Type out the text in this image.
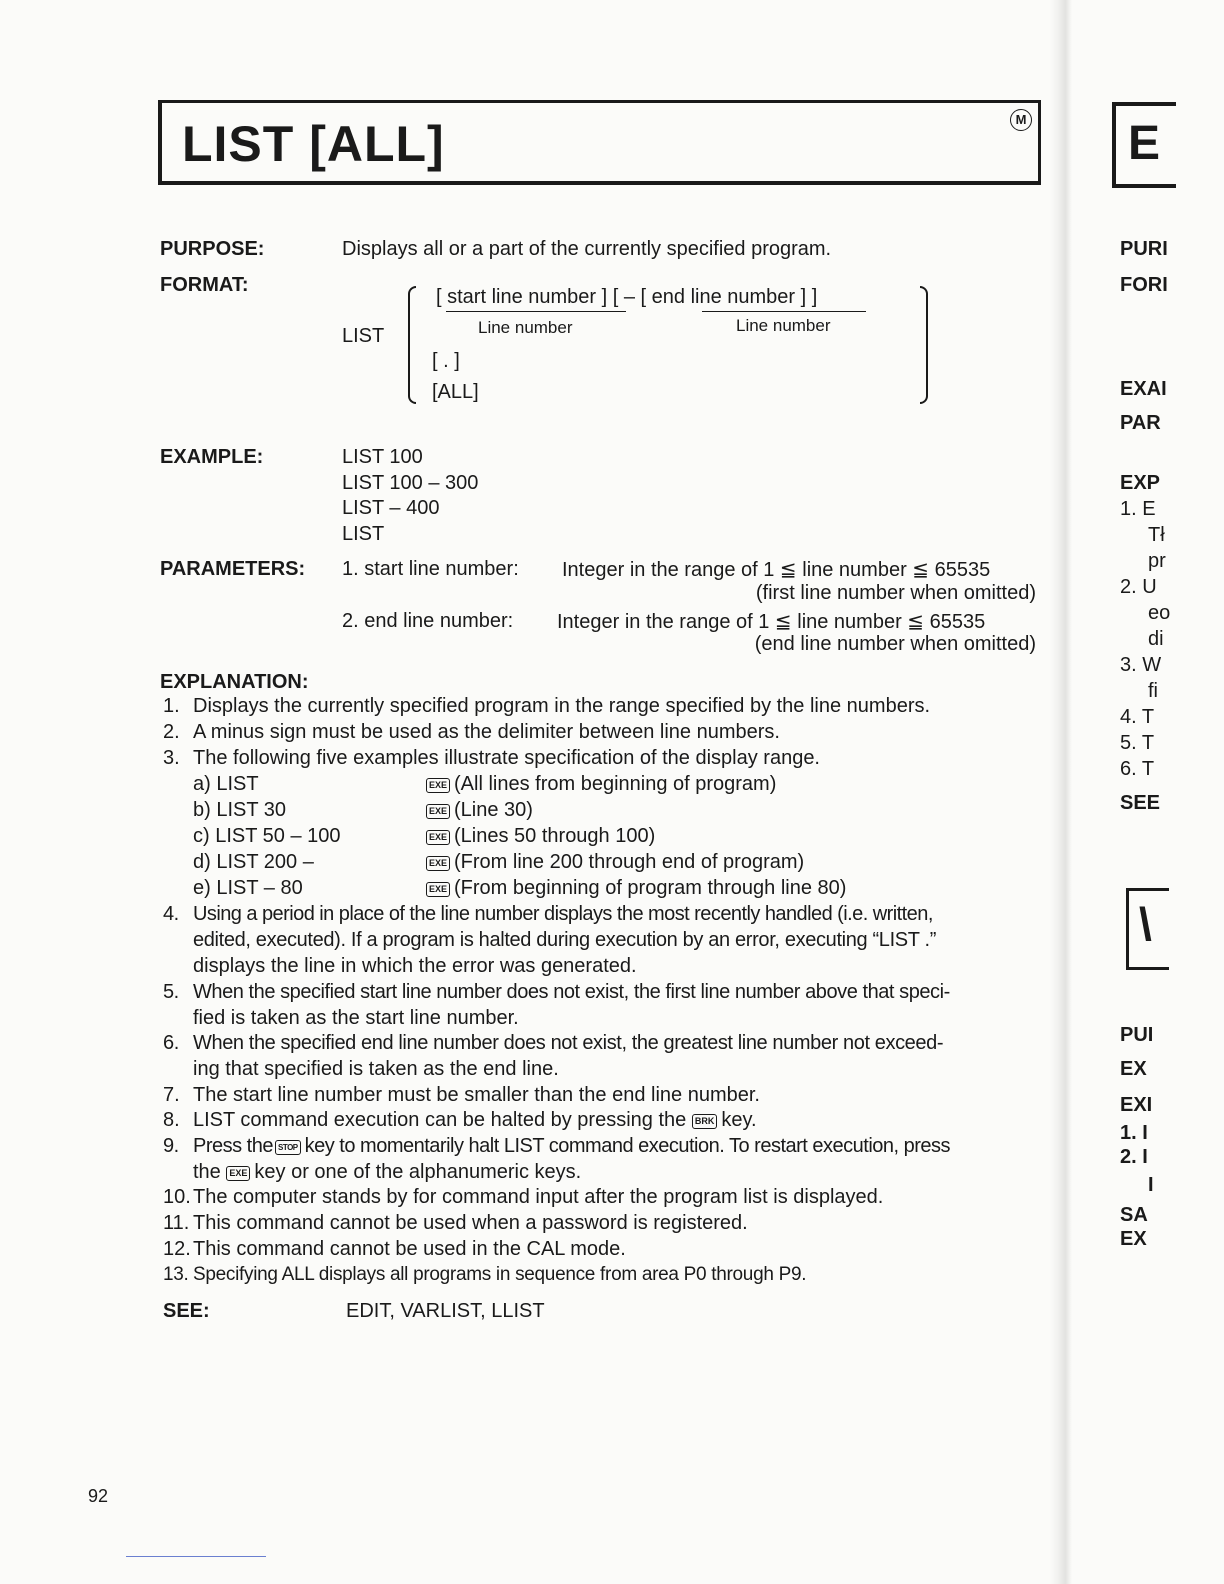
LIST [ALL]	M
PURPOSE:	Displays all or a part of the currently specified program.
FORMAT:
LIST
[ start line number ] [ – [ end line number ] ]
Line number	Line number
[ . ]
[ALL]
EXAMPLE:	LIST 100
LIST 100 – 300
LIST – 400
LIST
PARAMETERS: 1. start line number: Integer in the range of 1 ≦ line number ≦ 65535
(first line number when omitted)
2. end line number: Integer in the range of 1 ≦ line number ≦ 65535
(end line number when omitted)
EXPLANATION:
1. Displays the currently specified program in the range specified by the line numbers.
2. A minus sign must be used as the delimiter between line numbers.
3. The following five examples illustrate specification of the display range.
a) LIST	EXE (All lines from beginning of program)
b) LIST 30	EXE (Line 30)
c) LIST 50 – 100	EXE (Lines 50 through 100)
d) LIST 200 –	EXE (From line 200 through end of program)
e) LIST – 80	EXE (From beginning of program through line 80)
4. Using a period in place of the line number displays the most recently handled (i.e. written,
edited, executed). If a program is halted during execution by an error, executing “LIST .”
displays the line in which the error was generated.
5. When the specified start line number does not exist, the first line number above that speci-
fied is taken as the start line number.
6. When the specified end line number does not exist, the greatest line number not exceed-
ing that specified is taken as the end line.
7. The start line number must be smaller than the end line number.
8. LIST command execution can be halted by pressing the BRK key.
9. Press the STOP key to momentarily halt LIST command execution. To restart execution, press
the EXE key or one of the alphanumeric keys.
10. The computer stands by for command input after the program list is displayed.
11. This command cannot be used when a password is registered.
12. This command cannot be used in the CAL mode.
13. Specifying ALL displays all programs in sequence from area P0 through P9.
SEE:	EDIT, VARLIST, LLIST
92
E
PURI
FORI
EXAI
PAR
EXP
1. E
Tł
pr
2. U
eo
di
3. W
fi
4. T
5. T
6. T
SEE
\
PUI
EX
EXI
1. I
2. I
I
SA
EX
